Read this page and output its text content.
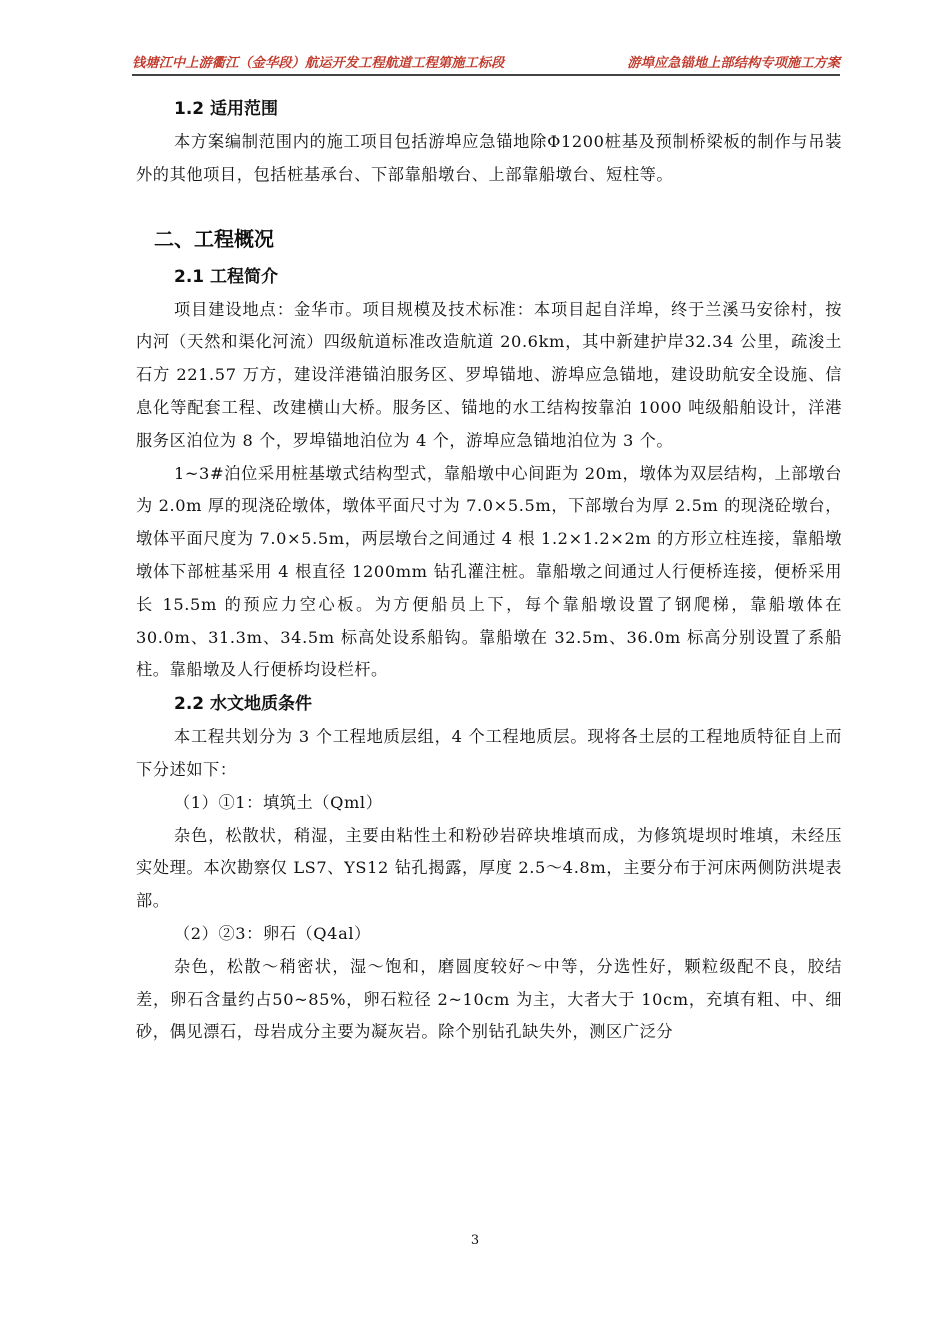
钱塘江中上游衢江（金华段）航运开发工程航道工程第施工标段	游埠应急锚地上部结构专项施工方案
1.2 适用范围

本方案编制范围内的施工项目包括游埠应急锚地除Φ1200桩基及预制桥梁板的制作与吊装外的其他项目，包括桩基承台、下部靠船墩台、上部靠船墩台、短柱等。

二、工程概况
2.1 工程简介

项目建设地点：金华市。项目规模及技术标准：本项目起自洋埠，终于兰溪马安徐村，按内河（天然和渠化河流）四级航道标准改造航道 20.6km，其中新建护岸32.34 公里，疏浚土石方 221.57 万方，建设洋港锚泊服务区、罗埠锚地、游埠应急锚地，建设助航安全设施、信息化等配套工程、改建横山大桥。服务区、锚地的水工结构按靠泊 1000 吨级船舶设计，洋港服务区泊位为 8 个，罗埠锚地泊位为 4 个，游埠应急锚地泊位为 3 个。

1~3#泊位采用桩基墩式结构型式，靠船墩中心间距为 20m，墩体为双层结构，上部墩台为 2.0m 厚的现浇砼墩体，墩体平面尺寸为 7.0×5.5m，下部墩台为厚 2.5m 的现浇砼墩台，墩体平面尺度为 7.0×5.5m，两层墩台之间通过 4 根 1.2×1.2×2m 的方形立柱连接，靠船墩墩体下部桩基采用 4 根直径 1200mm 钻孔灌注桩。靠船墩之间通过人行便桥连接，便桥采用长 15.5m 的预应力空心板。为方便船员上下，每个靠船墩设置了钢爬梯，靠船墩体在 30.0m、31.3m、34.5m 标高处设系船钩。靠船墩在 32.5m、36.0m 标高分别设置了系船柱。靠船墩及人行便桥均设栏杆。

2.2 水文地质条件

本工程共划分为 3 个工程地质层组，4 个工程地质层。现将各土层的工程地质特征自上而下分述如下：

（1）①1：填筑土（Qml）

杂色，松散状，稍湿，主要由粘性土和粉砂岩碎块堆填而成，为修筑堤坝时堆填，未经压实处理。本次勘察仅 LS7、YS12 钻孔揭露，厚度 2.5～4.8m，主要分布于河床两侧防洪堤表部。

（2）②3：卵石（Q4al）

杂色，松散～稍密状，湿～饱和，磨圆度较好～中等，分选性好，颗粒级配不良，胶结差，卵石含量约占50~85%，卵石粒径 2~10cm 为主，大者大于 10cm，充填有粗、中、细砂，偶见漂石，母岩成分主要为凝灰岩。除个别钻孔缺失外，测区广泛分

3
